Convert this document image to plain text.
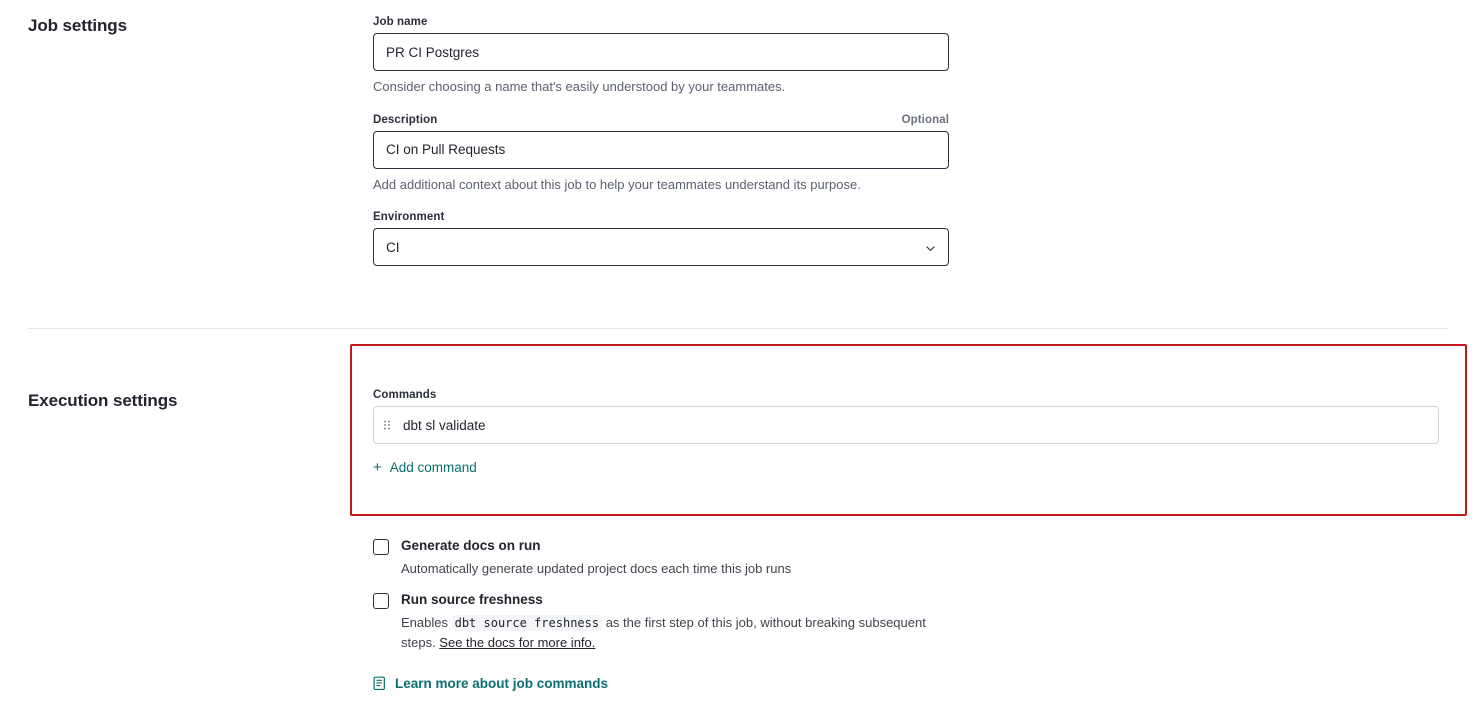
Job settings	Job name
PR CI Postgres
Consider choosing a name that's easily understood by your teammates.
Description	Optional
CI on Pull Requests
Add additional context about this job to help your teammates understand its purpose.
Environment
CI
Execution settings	Commands
dbt sl validate
+ Add command
Generate docs on run
Automatically generate updated project docs each time this job runs
Run source freshness
Enables dbt source freshness as the first step of this job, without breaking subsequent steps. See the docs for more info.
Learn more about job commands
